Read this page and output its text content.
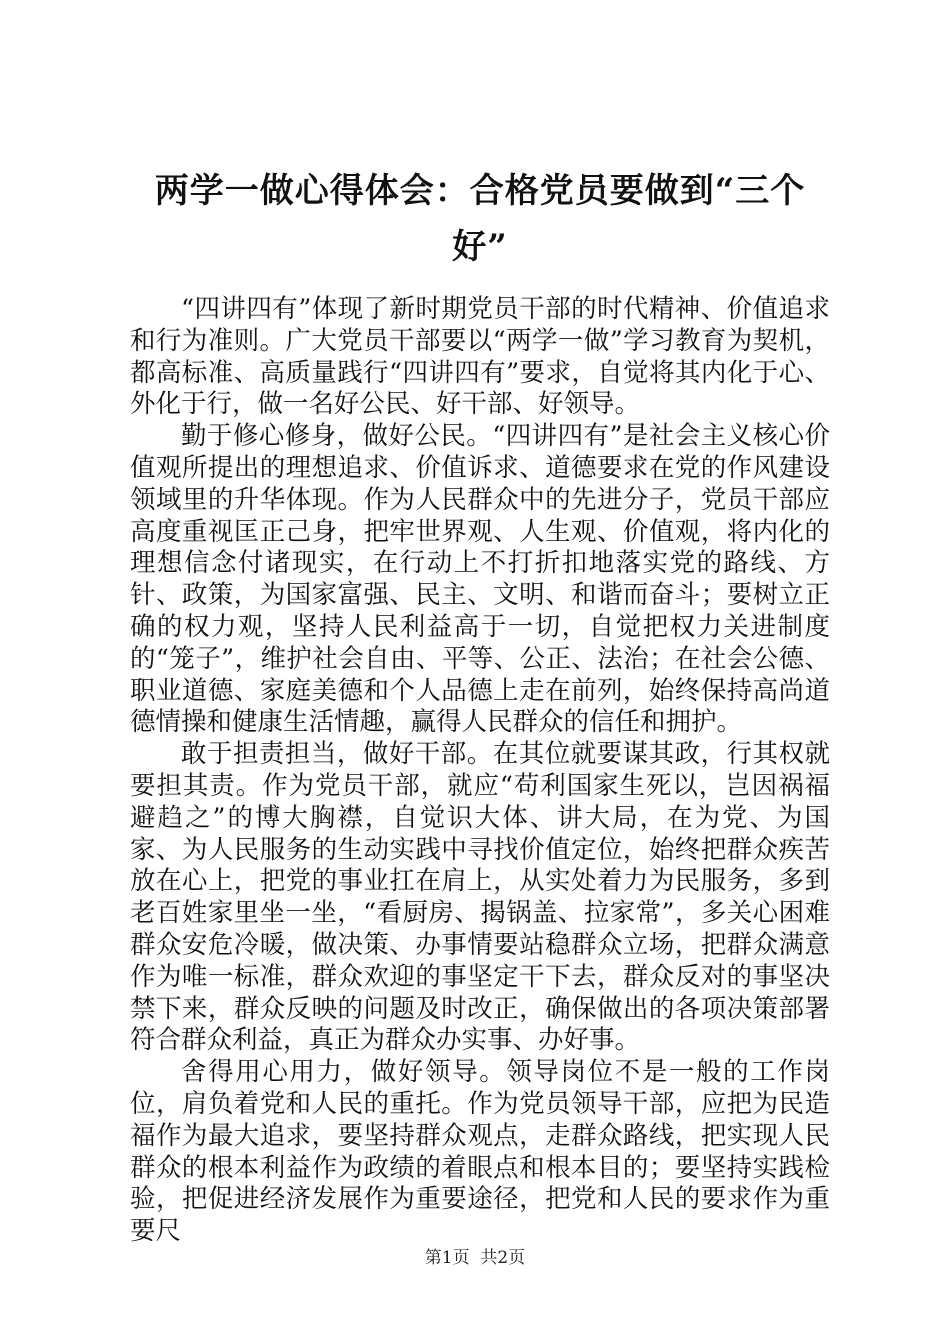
两学一做心得体会：合格党员要做到“三个好”

“四讲四有”体现了新时期党员干部的时代精神、价值追求和行为准则。广大党员干部要以“两学一做”学习教育为契机，都高标准、高质量践行“四讲四有”要求，自觉将其内化于心、外化于行，做一名好公民、好干部、好领导。

勤于修心修身，做好公民。“四讲四有”是社会主义核心价值观所提出的理想追求、价值诉求、道德要求在党的作风建设领域里的升华体现。作为人民群众中的先进分子，党员干部应高度重视匡正己身，把牢世界观、人生观、价值观，将内化的理想信念付诸现实，在行动上不打折扣地落实党的路线、方针、政策，为国家富强、民主、文明、和谐而奋斗；要树立正确的权力观，坚持人民利益高于一切，自觉把权力关进制度的“笼子”，维护社会自由、平等、公正、法治；在社会公德、职业道德、家庭美德和个人品德上走在前列，始终保持高尚道德情操和健康生活情趣，赢得人民群众的信任和拥护。

敢于担责担当，做好干部。在其位就要谋其政，行其权就要担其责。作为党员干部，就应“苟利国家生死以，岂因祸福避趋之”的博大胸襟，自觉识大体、讲大局，在为党、为国家、为人民服务的生动实践中寻找价值定位，始终把群众疾苦放在心上，把党的事业扛在肩上，从实处着力为民服务，多到老百姓家里坐一坐，“看厨房、揭锅盖、拉家常”，多关心困难群众安危冷暖，做决策、办事情要站稳群众立场，把群众满意作为唯一标准，群众欢迎的事坚定干下去，群众反对的事坚决禁下来，群众反映的问题及时改正，确保做出的各项决策部署符合群众利益，真正为群众办实事、办好事。

舍得用心用力，做好领导。领导岗位不是一般的工作岗位，肩负着党和人民的重托。作为党员领导干部，应把为民造福作为最大追求，要坚持群众观点，走群众路线，把实现人民群众的根本利益作为政绩的着眼点和根本目的；要坚持实践检验，把促进经济发展作为重要途径，把党和人民的要求作为重要尺

第1页  共2页
